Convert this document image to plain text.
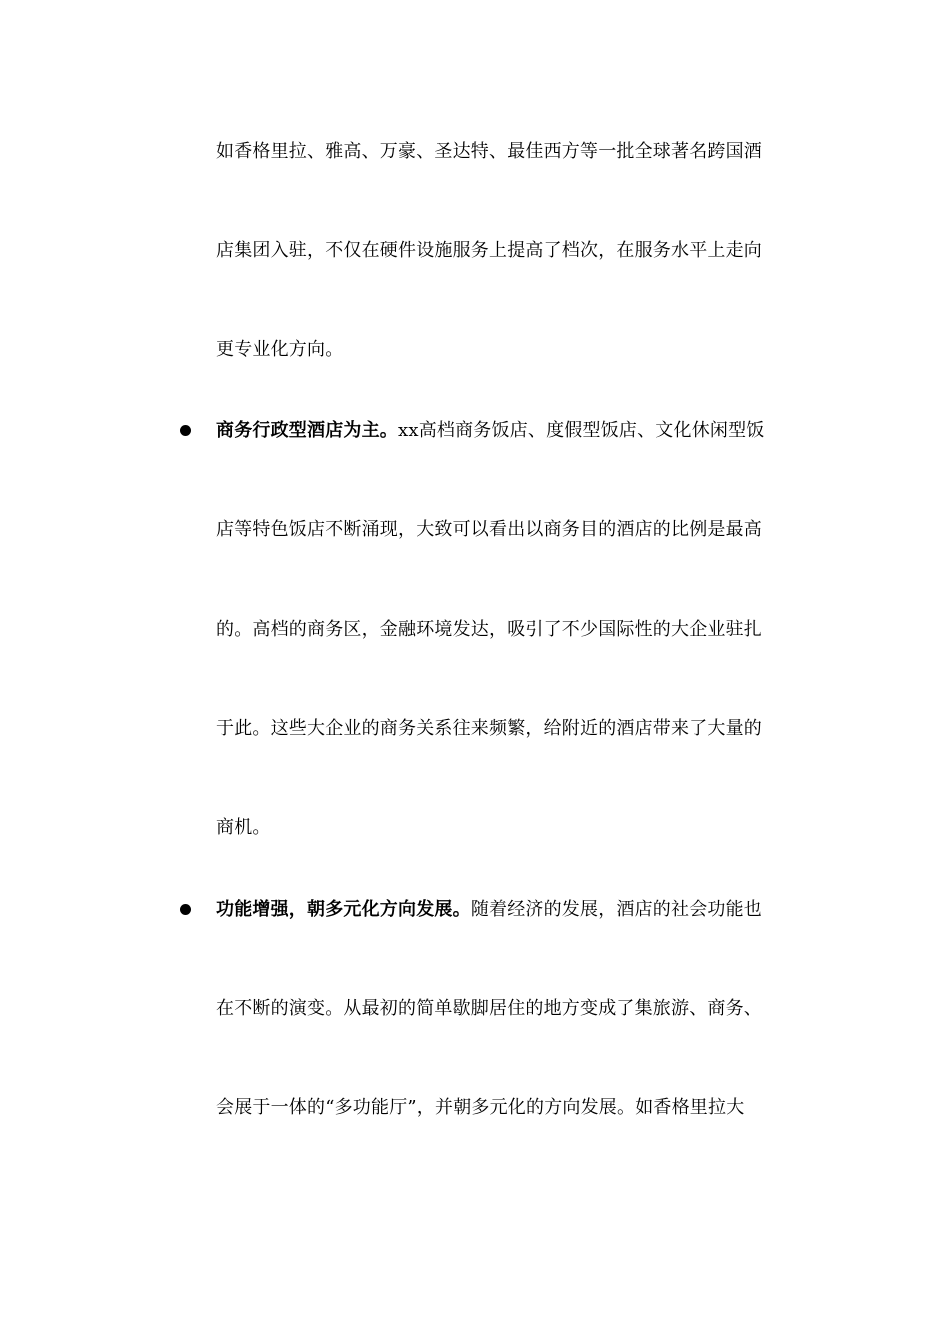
如香格里拉、雅高、万豪、圣达特、最佳西方等一批全球著名跨国酒
店集团入驻，不仅在硬件设施服务上提高了档次，在服务水平上走向
更专业化方向。
商务行政型酒店为主。xx高档商务饭店、度假型饭店、文化休闲型饭
店等特色饭店不断涌现，大致可以看出以商务目的酒店的比例是最高
的。高档的商务区，金融环境发达，吸引了不少国际性的大企业驻扎
于此。这些大企业的商务关系往来频繁，给附近的酒店带来了大量的
商机。
功能增强，朝多元化方向发展。随着经济的发展，酒店的社会功能也
在不断的演变。从最初的简单歇脚居住的地方变成了集旅游、商务、
会展于一体的“多功能厅”，并朝多元化的方向发展。如香格里拉大
